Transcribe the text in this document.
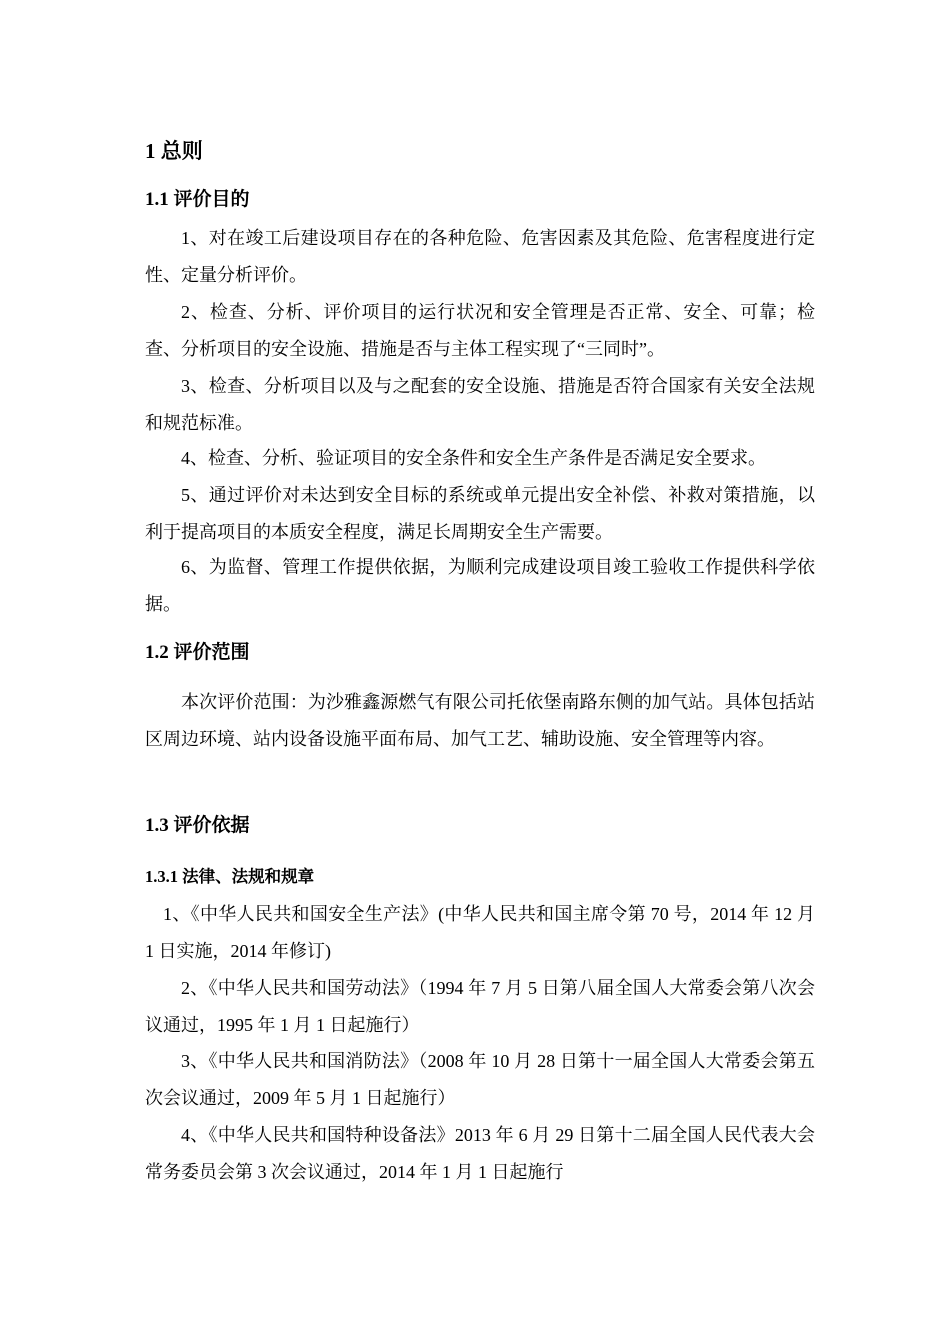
1 总则
1.1 评价目的
1、对在竣工后建设项目存在的各种危险、危害因素及其危险、危害程度进行定性、定量分析评价。
2、检查、分析、评价项目的运行状况和安全管理是否正常、安全、可靠；检查、分析项目的安全设施、措施是否与主体工程实现了“三同时”。
3、检查、分析项目以及与之配套的安全设施、措施是否符合国家有关安全法规和规范标准。
4、检查、分析、验证项目的安全条件和安全生产条件是否满足安全要求。
5、通过评价对未达到安全目标的系统或单元提出安全补偿、补救对策措施，以利于提高项目的本质安全程度，满足长周期安全生产需要。
6、为监督、管理工作提供依据，为顺利完成建设项目竣工验收工作提供科学依据。
1.2 评价范围
本次评价范围：为沙雅鑫源燃气有限公司托依堡南路东侧的加气站。具体包括站区周边环境、站内设备设施平面布局、加气工艺、辅助设施、安全管理等内容。
1.3 评价依据
1.3.1 法律、法规和规章
1、《中华人民共和国安全生产法》(中华人民共和国主席令第 70 号，2014 年 12 月 1 日实施，2014 年修订)
2、《中华人民共和国劳动法》（1994 年 7 月 5 日第八届全国人大常委会第八次会议通过，1995 年 1 月 1 日起施行）
3、《中华人民共和国消防法》（2008 年 10 月 28 日第十一届全国人大常委会第五次会议通过，2009 年 5 月 1 日起施行）
4、《中华人民共和国特种设备法》2013 年 6 月 29 日第十二届全国人民代表大会常务委员会第 3 次会议通过，2014 年 1 月 1 日起施行
